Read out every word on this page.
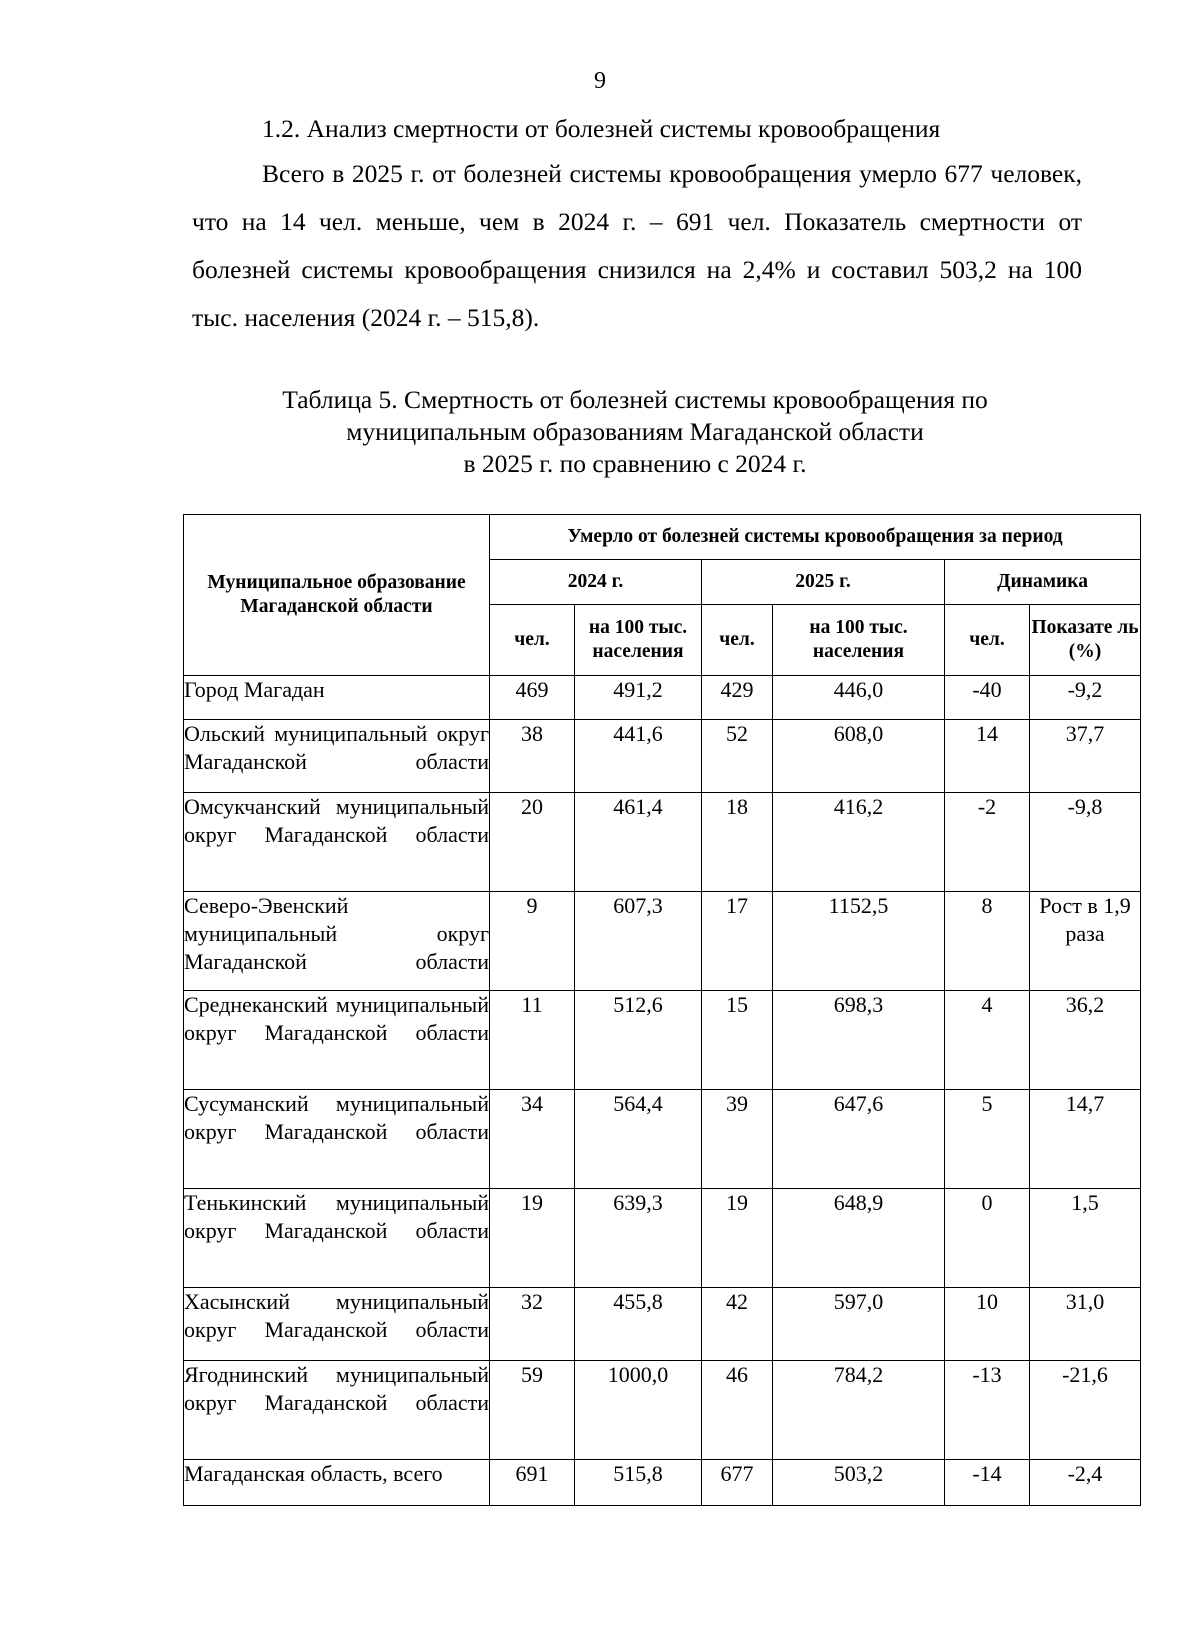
9
1.2. Анализ смертности от болезней системы кровообращения

Всего в 2025 г. от болезней системы кровообращения умерло 677 человек, что на 14 чел. меньше, чем в 2024 г. – 691 чел. Показатель смертности от болезней системы кровообращения снизился на 2,4% и составил 503,2 на 100 тыс. населения (2024 г. – 515,8).

Таблица 5. Смертность от болезней системы кровообращения по
муниципальным образованиям Магаданской области
в 2025 г. по сравнению с 2024 г.
Муниципальное образование Магаданской области	Умерло от болезней системы кровообращения за период					
	2024 г.		2025 г.		Динамика	
	чел.	на 100 тыс. населения	чел.	на 100 тыс. населения	чел.	Показате ль (%)
Город Магадан	469	491,2	429	446,0	-40	-9,2
Ольский муниципальный округ Магаданской области	38	441,6	52	608,0	14	37,7
Омсукчанский муниципальный округ Магаданской области	20	461,4	18	416,2	-2	-9,8
Северо-Эвенский муниципальный округ Магаданской области	9	607,3	17	1152,5	8	Рост в 1,9 раза
Среднеканский муниципальный округ Магаданской области	11	512,6	15	698,3	4	36,2
Сусуманский муниципальный округ Магаданской области	34	564,4	39	647,6	5	14,7
Тенькинский муниципальный округ Магаданской области	19	639,3	19	648,9	0	1,5
Хасынский муниципальный округ Магаданской области	32	455,8	42	597,0	10	31,0
Ягоднинский муниципальный округ Магаданской области	59	1000,0	46	784,2	-13	-21,6
Магаданская область, всего	691	515,8	677	503,2	-14	-2,4
